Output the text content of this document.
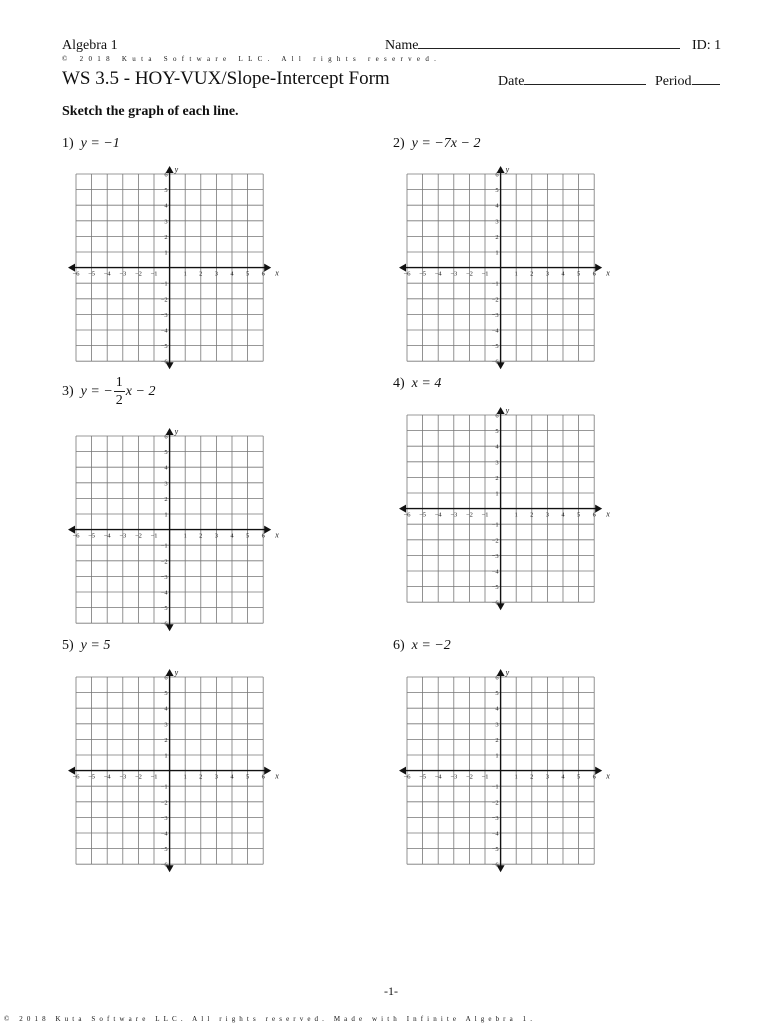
Algebra 1
© 2018 Kuta Software LLC. All rights reserved.
Name	ID: 1
WS 3.5 - HOY-VUX/Slope-Intercept Form	Date	Period
Sketch the graph of each line.
1) y = −1	2) y = −7x − 2
3) y = − $\frac{1}{2}$ x − 2
4) x = 4
5) y = 5	6) x = −2
−6 −5 −4 −3 −2 −1	1 2 3 4 5 6
6
5
4
3
2
1
−1
−2
−3
−4
−5
−6
x
y
−6 −5 −4 −3 −2 −1	1 2 3 4 5 6
6
5
4
3
2
1
−1
−2
−3
−4
−5
−6
x
y
−6 −5 −4 −3 −2 −1	1 2 3 4 5 6
6
5
4
3
2
1
−1
−2
−3
−4
−5
−6
x
y
−6 −5 −4 −3 −2 −1	1 2 3 4 5 6
6
5
4
3
2
1
−1
−2
−3
−4
−5
−6
x
y
−6 −5 −4 −3 −2 −1	1 2 3 4 5 6
6
5
4
3
2
1
−1
−2
−3
−4
−5
−6
x
y
−6 −5 −4 −3 −2 −1	1 2 3 4 5 6
6
5
4
3
2
1
−1
−2
−3
−4
−5
−6
x
y
-1-
© 2018 Kuta Software LLC. All rights reserved. Made with Infinite Algebra 1.
